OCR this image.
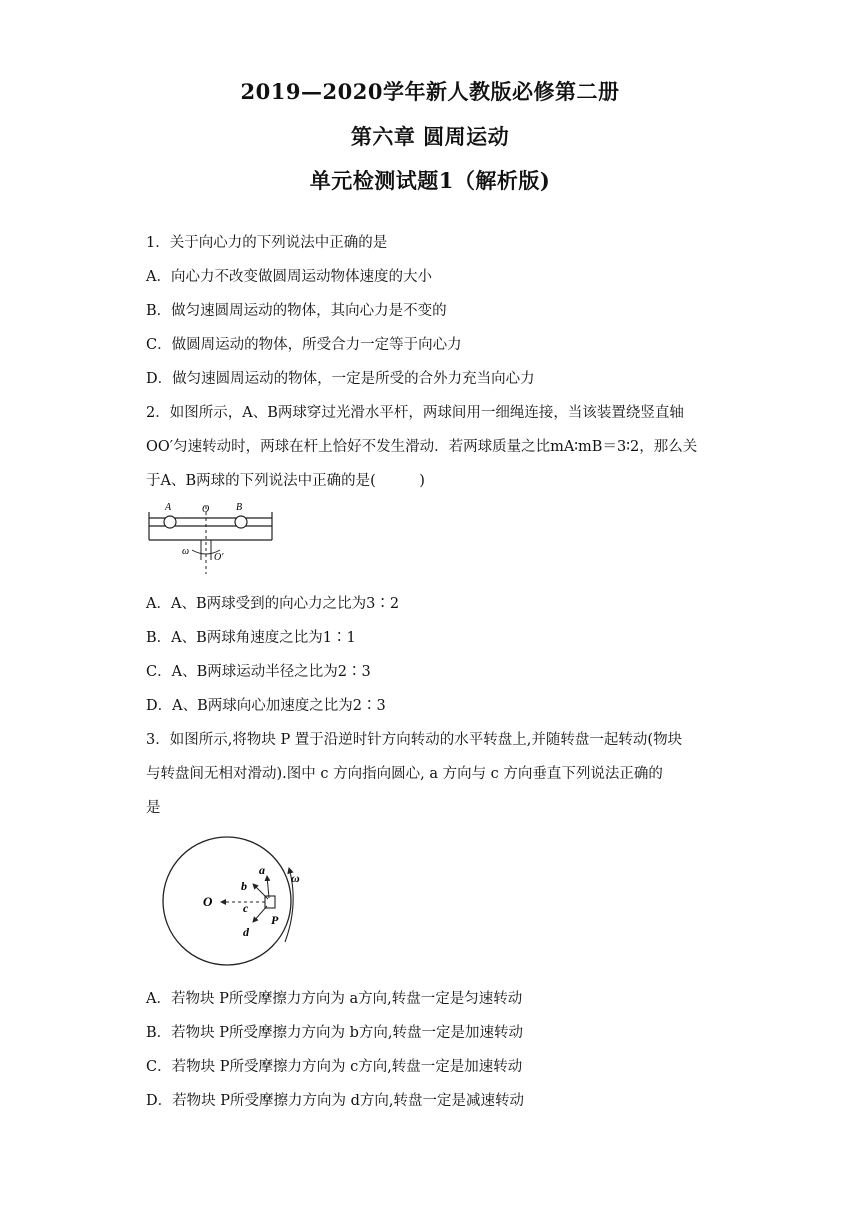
2019—2020学年新人教版必修第二册
第六章 圆周运动
单元检测试题1（解析版)
1．关于向心力的下列说法中正确的是
A．向心力不改变做圆周运动物体速度的大小
B．做匀速圆周运动的物体，其向心力是不变的
C．做圆周运动的物体，所受合力一定等于向心力
D．做匀速圆周运动的物体，一定是所受的合外力充当向心力
2．如图所示，A、B两球穿过光滑水平杆，两球间用一细绳连接，当该装置绕竖直轴
OO′匀速转动时，两球在杆上恰好不发生滑动．若两球质量之比mA∶mB＝3∶2，那么关
于A、B两球的下列说法中正确的是(　　　)
A	O	B
ω
O′
A．A、B两球受到的向心力之比为3∶2
B．A、B两球角速度之比为1∶1
C．A、B两球运动半径之比为2∶3
D．A、B两球向心加速度之比为2∶3
3．如图所示,将物块 P 置于沿逆时针方向转动的水平转盘上,并随转盘一起转动(物块
与转盘间无相对滑动).图中 c 方向指向圆心, a 方向与 c 方向垂直下列说法正确的
是
O
a
b
c
d
P
ω
A．若物块 P所受摩擦力方向为 a方向,转盘一定是匀速转动
B．若物块 P所受摩擦力方向为 b方向,转盘一定是加速转动
C．若物块 P所受摩擦力方向为 c方向,转盘一定是加速转动
D．若物块 P所受摩擦力方向为 d方向,转盘一定是减速转动
